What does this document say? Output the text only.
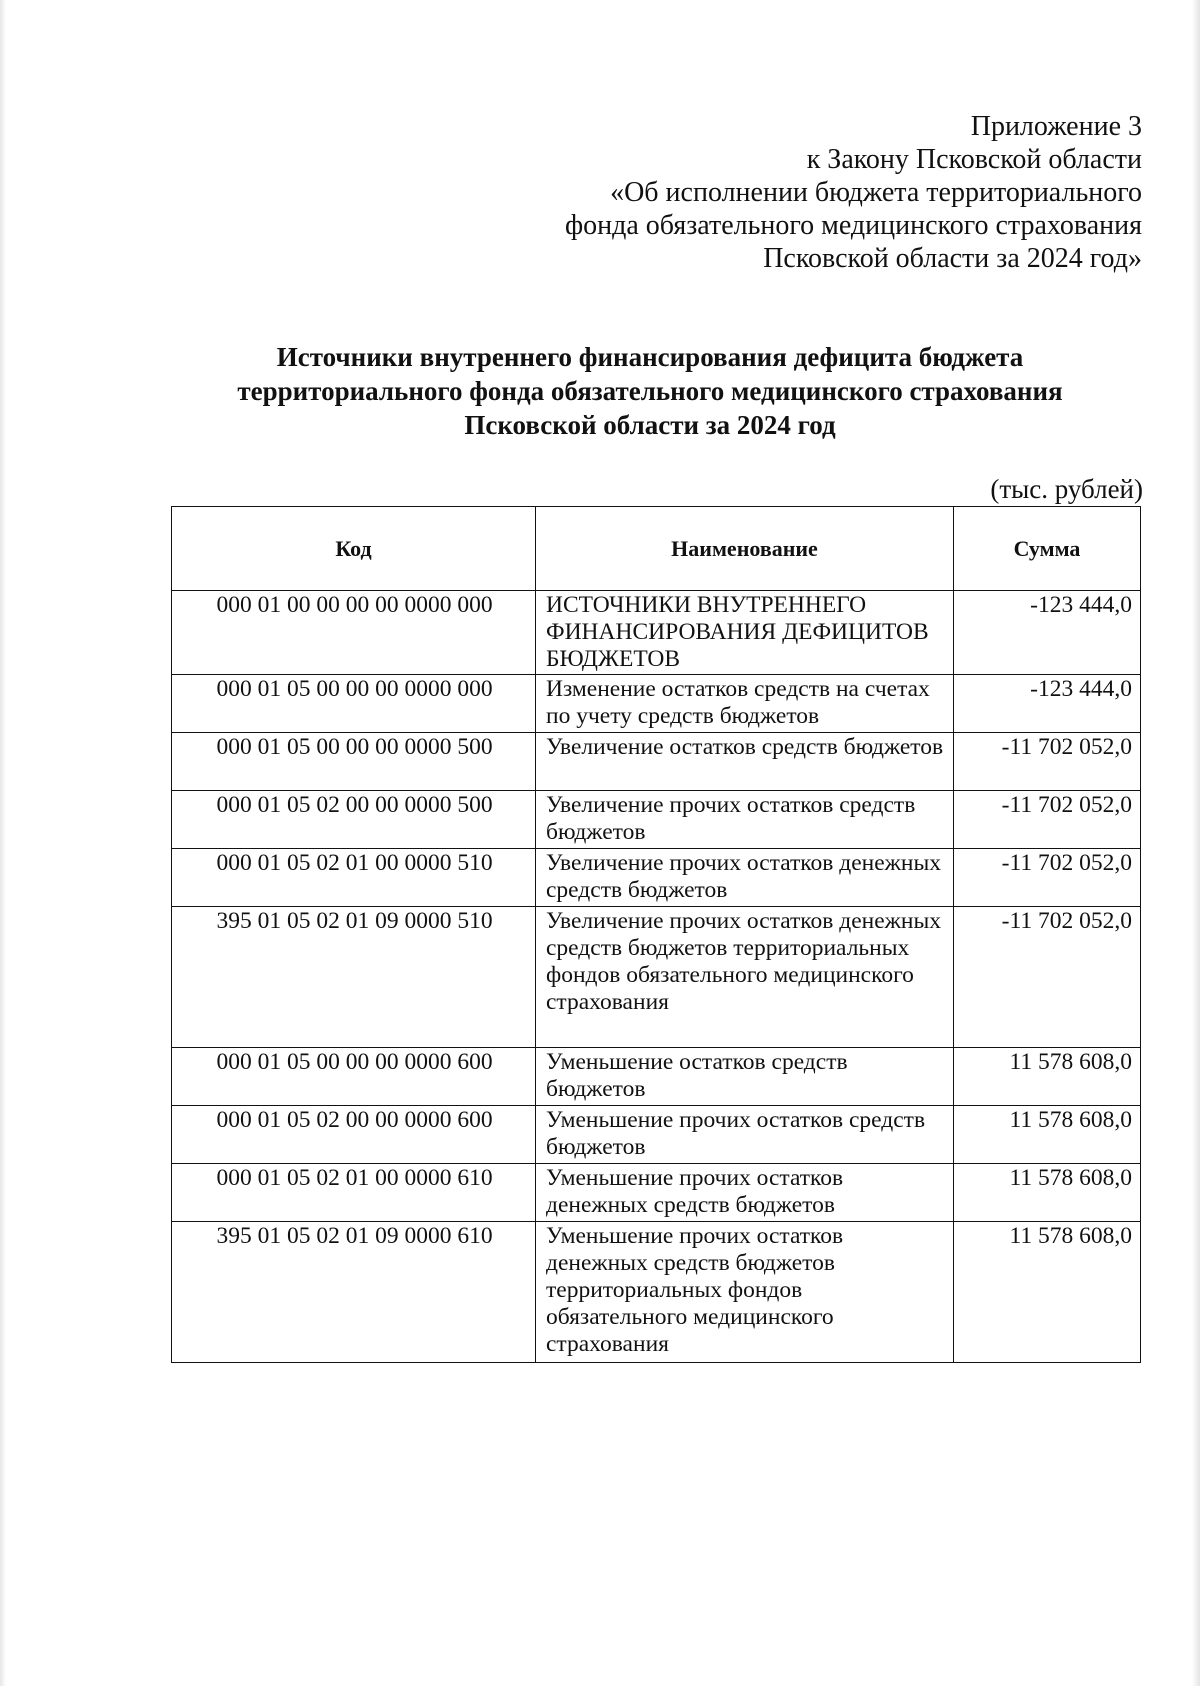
Приложение 3
к Закону Псковской области
«Об исполнении бюджета территориального
фонда обязательного медицинского страхования
Псковской области за 2024 год»
Источники внутреннего финансирования дефицита бюджета
территориального фонда обязательного медицинского страхования
Псковской области за 2024 год
(тыс. рублей)
Код	Наименование	Сумма
000 01 00 00 00 00 0000 000	ИСТОЧНИКИ ВНУТРЕННЕГО ФИНАНСИРОВАНИЯ ДЕФИЦИТОВ БЮДЖЕТОВ	-123 444,0
000 01 05 00 00 00 0000 000	Изменение остатков средств на счетах по учету средств бюджетов	-123 444,0
000 01 05 00 00 00 0000 500	Увеличение остатков средств бюджетов	-11 702 052,0
000 01 05 02 00 00 0000 500	Увеличение прочих остатков средств бюджетов	-11 702 052,0
000 01 05 02 01 00 0000 510	Увеличение прочих остатков денежных средств бюджетов	-11 702 052,0
395 01 05 02 01 09 0000 510	Увеличение прочих остатков денежных средств бюджетов территориальных фондов обязательного медицинского страхования	-11 702 052,0
000 01 05 00 00 00 0000 600	Уменьшение остатков средств бюджетов	11 578 608,0
000 01 05 02 00 00 0000 600	Уменьшение прочих остатков средств бюджетов	11 578 608,0
000 01 05 02 01 00 0000 610	Уменьшение прочих остатков денежных средств бюджетов	11 578 608,0
395 01 05 02 01 09 0000 610	Уменьшение прочих остатков денежных средств бюджетов территориальных фондов обязательного медицинского страхования	11 578 608,0
